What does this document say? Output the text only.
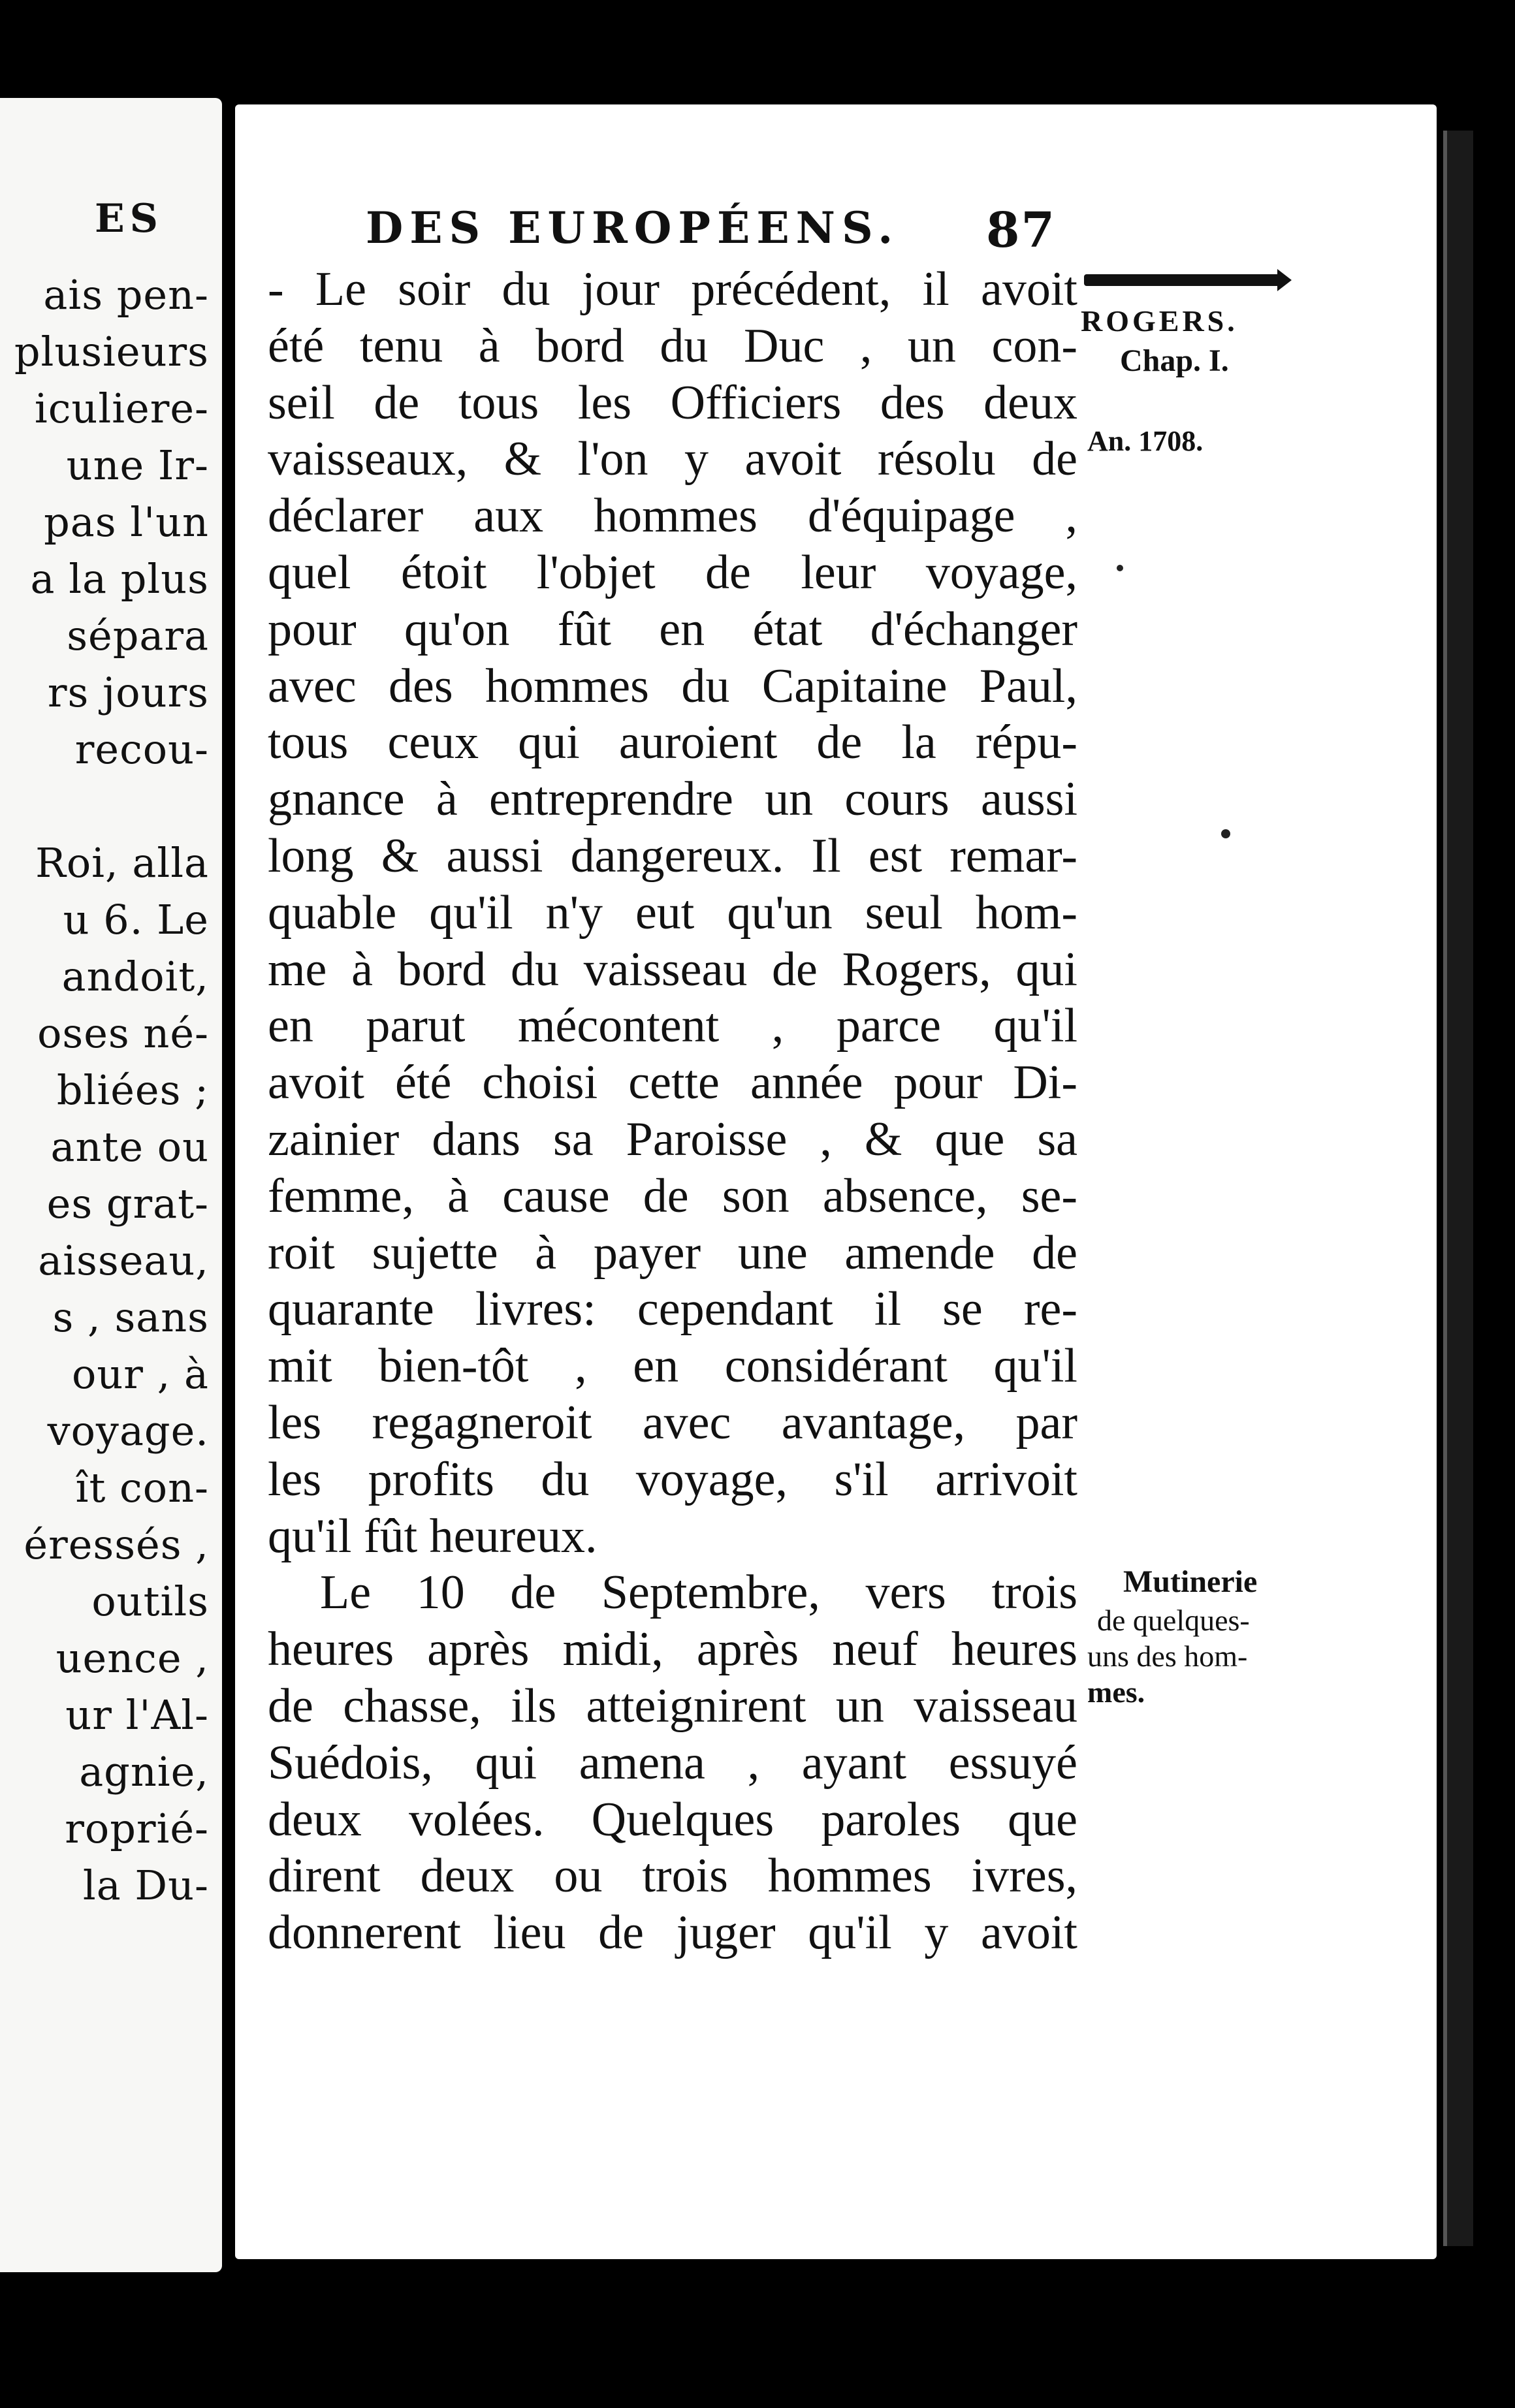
ES
ais pen-
plusieurs
iculiere-
une Ir-
pas l'un
a la plus
sépara
rs jours
recou-
Roi, alla
u 6. Le
andoit,
oses né-
bliées ;
ante ou
es grat-
aisseau,
s , sans
our , à
voyage.
ît con-
éressés ,
outils
uence ,
ur l'Al-
agnie,
roprié-
la Du-
DES EUROPÉENS. 87
ROGERS.
Chap. I.
An. 1708.
Mutinerie
de quelques-
uns des hom-
mes.
- Le soir du jour précédent, il avoit
été tenu à bord du Duc , un con-
seil de tous les Officiers des deux
vaisseaux, & l'on y avoit résolu de
déclarer aux hommes d'équipage ,
quel étoit l'objet de leur voyage,
pour qu'on fût en état d'échanger
avec des hommes du Capitaine Paul,
tous ceux qui auroient de la répu-
gnance à entreprendre un cours aussi
long & aussi dangereux. Il est remar-
quable qu'il n'y eut qu'un seul hom-
me à bord du vaisseau de Rogers, qui
en parut mécontent , parce qu'il
avoit été choisi cette année pour Di-
zainier dans sa Paroisse , & que sa
femme, à cause de son absence, se-
roit sujette à payer une amende de
quarante livres: cependant il se re-
mit bien-tôt , en considérant qu'il
les regagneroit avec avantage, par
les profits du voyage, s'il arrivoit
qu'il fût heureux.
Le 10 de Septembre, vers trois
heures après midi, après neuf heures
de chasse, ils atteignirent un vaisseau
Suédois, qui amena , ayant essuyé
deux volées. Quelques paroles que
dirent deux ou trois hommes ivres,
donnerent lieu de juger qu'il y avoit
